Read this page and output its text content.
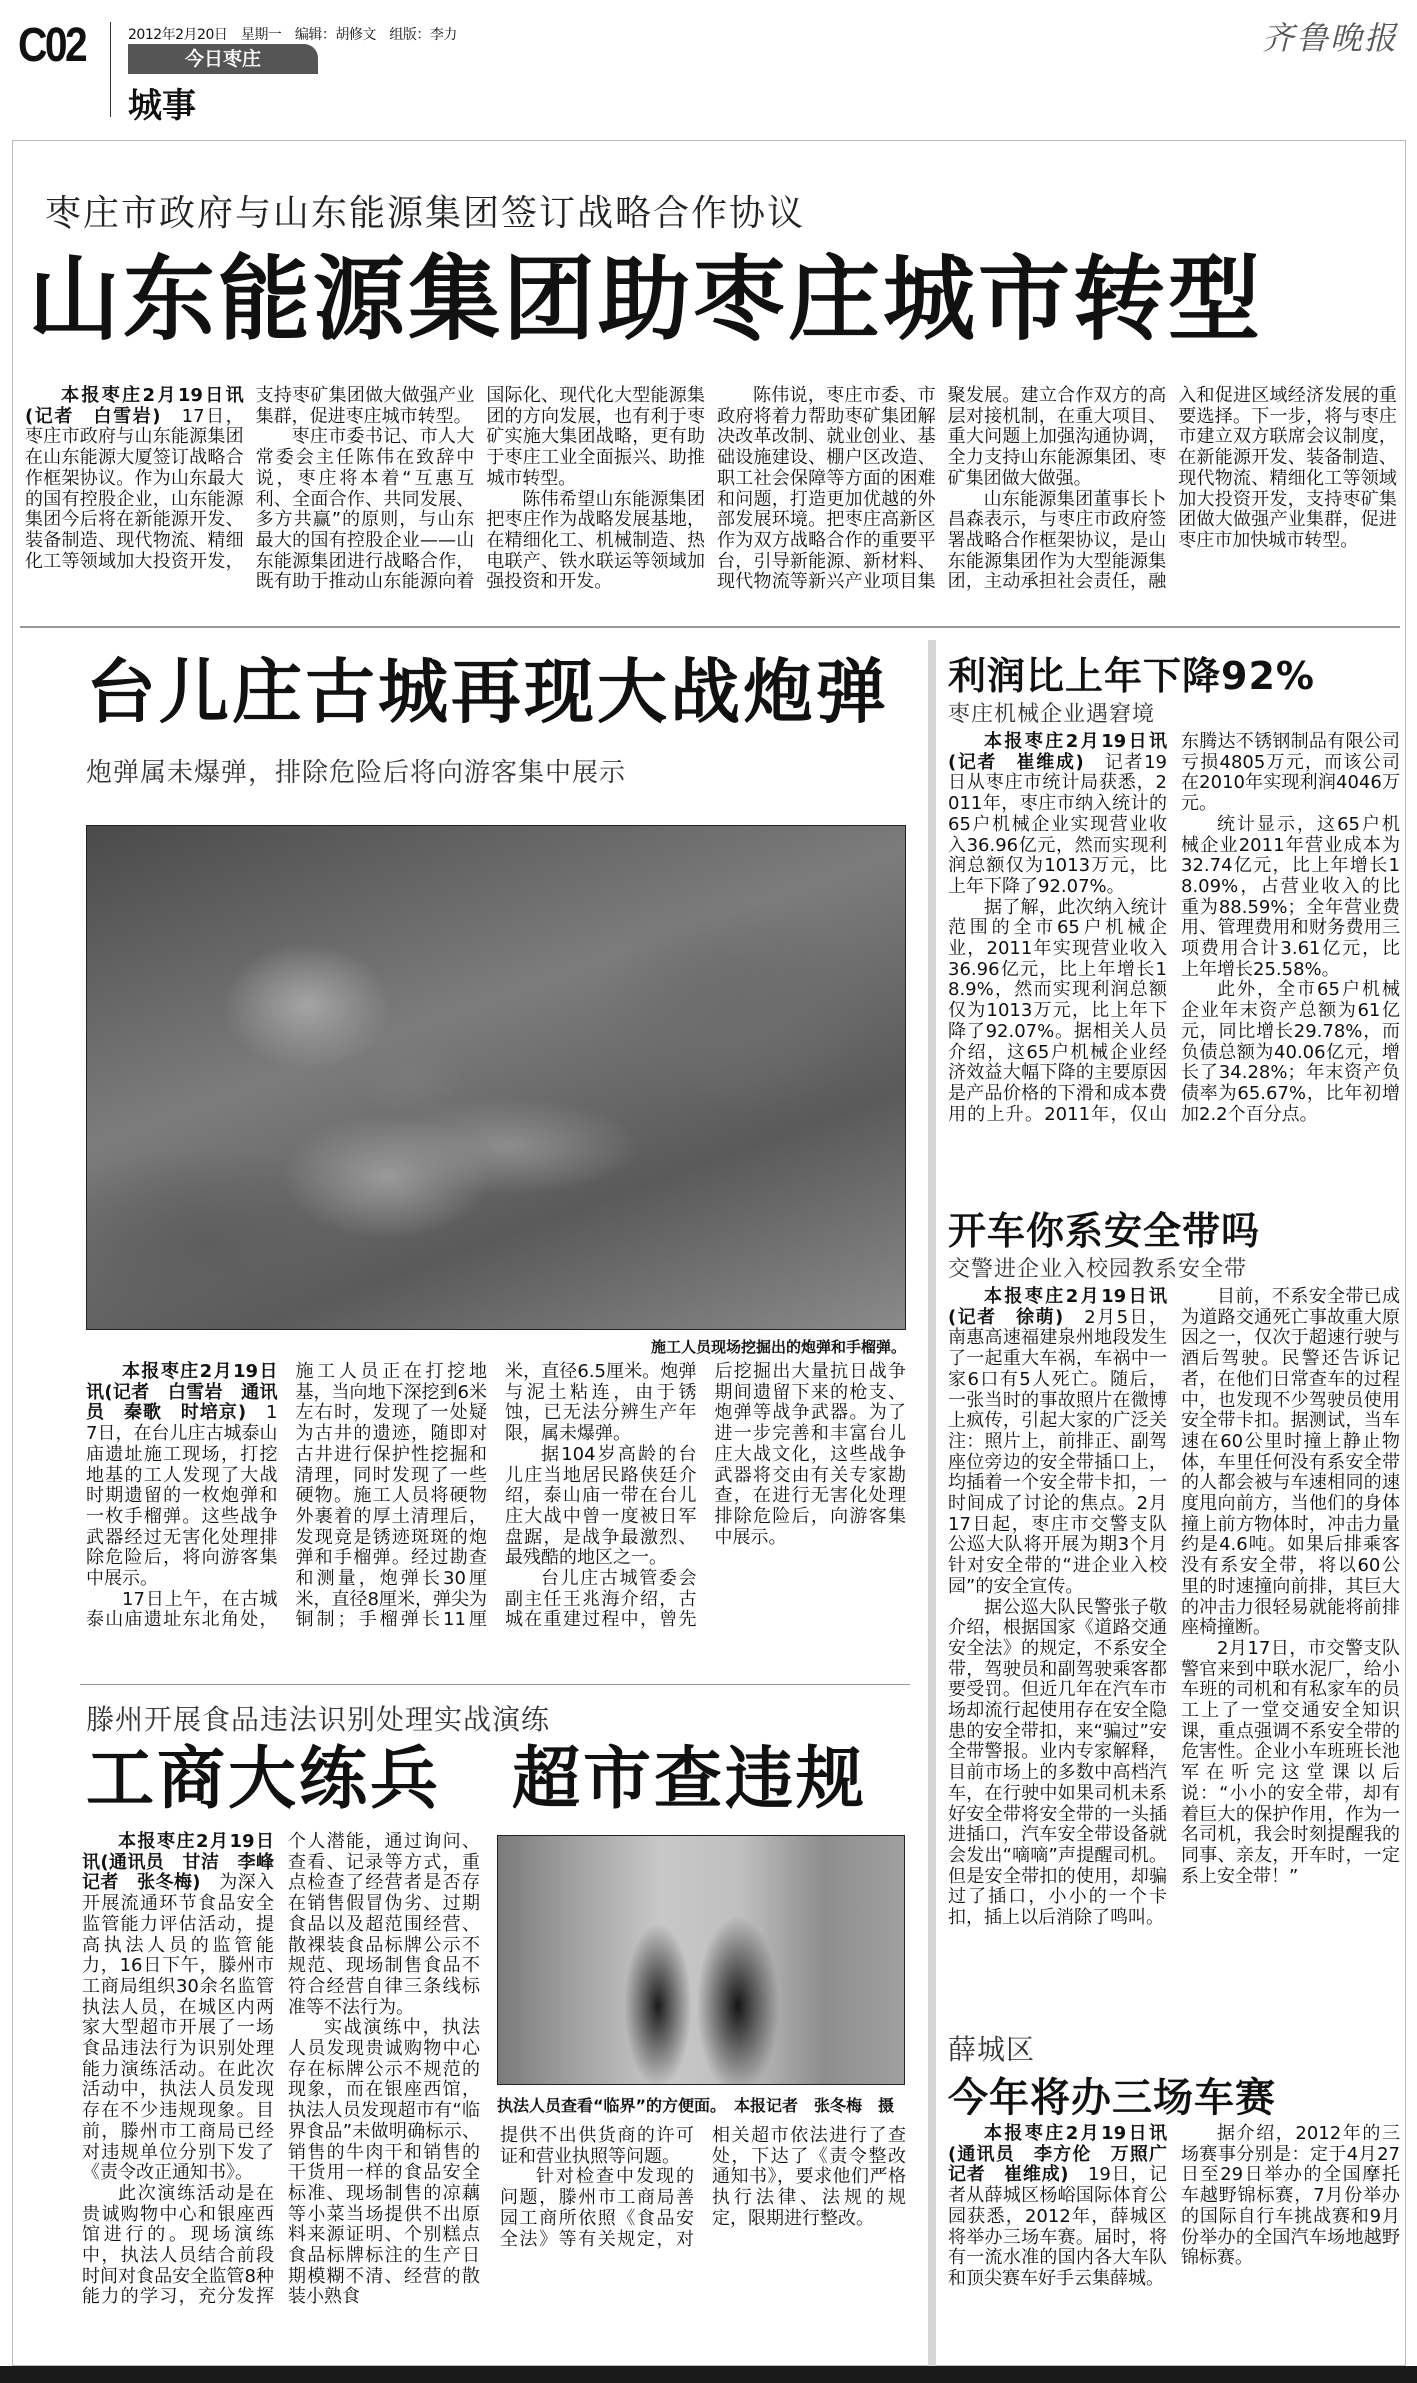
C02	2012年2月20日　星期一　编辑：胡修文　组版：李力
今日枣庄
城事
齐鲁晚报
枣庄市政府与山东能源集团签订战略合作协议
山东能源集团助枣庄城市转型

本报枣庄2月19日讯(记者　白雪岩)　17日，枣庄市政府与山东能源集团在山东能源大厦签订战略合作框架协议。作为山东最大的国有控股企业，山东能源集团今后将在新能源开发、装备制造、现代物流、精细化工等领域加大投资开发，支持枣矿集团做大做强产业集群，促进枣庄城市转型。

枣庄市委书记、市人大常委会主任陈伟在致辞中说，枣庄将本着“互惠互利、全面合作、共同发展、多方共赢”的原则，与山东最大的国有控股企业——山东能源集团进行战略合作，既有助于推动山东能源向着国际化、现代化大型能源集团的方向发展，也有利于枣矿实施大集团战略，更有助于枣庄工业全面振兴、助推城市转型。

陈伟希望山东能源集团把枣庄作为战略发展基地，在精细化工、机械制造、热电联产、铁水联运等领域加强投资和开发。

陈伟说，枣庄市委、市政府将着力帮助枣矿集团解决改革改制、就业创业、基础设施建设、棚户区改造、职工社会保障等方面的困难和问题，打造更加优越的外部发展环境。把枣庄高新区作为双方战略合作的重要平台，引导新能源、新材料、现代物流等新兴产业项目集聚发展。建立合作双方的高层对接机制，在重大项目、重大问题上加强沟通协调，全力支持山东能源集团、枣矿集团做大做强。

山东能源集团董事长卜昌森表示，与枣庄市政府签署战略合作框架协议，是山东能源集团作为大型能源集团，主动承担社会责任，融入和促进区域经济发展的重要选择。下一步，将与枣庄市建立双方联席会议制度，在新能源开发、装备制造、现代物流、精细化工等领域加大投资开发，支持枣矿集团做大做强产业集群，促进枣庄市加快城市转型。

台儿庄古城再现大战炮弹
炮弹属未爆弹，排除危险后将向游客集中展示
施工人员现场挖掘出的炮弹和手榴弹。

本报枣庄2月19日讯(记者　白雪岩　通讯员　秦歌　时培京)　17日，在台儿庄古城泰山庙遗址施工现场，打挖地基的工人发现了大战时期遗留的一枚炮弹和一枚手榴弹。这些战争武器经过无害化处理排除危险后，将向游客集中展示。

17日上午，在古城泰山庙遗址东北角处，施工人员正在打挖地基，当向地下深挖到6米左右时，发现了一处疑为古井的遗迹，随即对古井进行保护性挖掘和清理，同时发现了一些硬物。施工人员将硬物外裹着的厚土清理后，发现竟是锈迹斑斑的炮弹和手榴弹。经过勘查和测量，炮弹长30厘米，直径8厘米，弹尖为铜制；手榴弹长11厘米，直径6.5厘米。炮弹与泥土粘连，由于锈蚀，已无法分辨生产年限，属未爆弹。

据104岁高龄的台儿庄当地居民路侠廷介绍，泰山庙一带在台儿庄大战中曾一度被日军盘踞，是战争最激烈、最残酷的地区之一。

台儿庄古城管委会副主任王兆海介绍，古城在重建过程中，曾先后挖掘出大量抗日战争期间遗留下来的枪支、炮弹等战争武器。为了进一步完善和丰富台儿庄大战文化，这些战争武器将交由有关专家勘查，在进行无害化处理排除危险后，向游客集中展示。

滕州开展食品违法识别处理实战演练
工商大练兵　超市查违规

本报枣庄2月19日讯(通讯员　甘洁　李峰　记者　张冬梅)　为深入开展流通环节食品安全监管能力评估活动，提高执法人员的监管能力，16日下午，滕州市工商局组织30余名监管执法人员，在城区内两家大型超市开展了一场食品违法行为识别处理能力演练活动。在此次活动中，执法人员发现存在不少违规现象。目前，滕州市工商局已经对违规单位分别下发了《责令改正通知书》。

此次演练活动是在贵诚购物中心和银座西馆进行的。现场演练中，执法人员结合前段时间对食品安全监管8种能力的学习，充分发挥个人潜能，通过询问、查看、记录等方式，重点检查了经营者是否存在销售假冒伪劣、过期食品以及超范围经营、散裸装食品标牌公示不规范、现场制售食品不符合经营自律三条线标准等不法行为。

实战演练中，执法人员发现贵诚购物中心存在标牌公示不规范的现象，而在银座西馆，执法人员发现超市有“临界食品”未做明确标示、销售的牛肉干和销售的干货用一样的食品安全标准、现场制售的凉藕等小菜当场提供不出原料来源证明、个别糕点食品标牌标注的生产日期模糊不清、经营的散装小熟食

执法人员查看“临界”的方便面。　本报记者　张冬梅　摄

提供不出供货商的许可证和营业执照等问题。

针对检查中发现的问题，滕州市工商局善园工商所依照《食品安全法》等有关规定，对相关超市依法进行了查处，下达了《责令整改通知书》，要求他们严格执行法律、法规的规定，限期进行整改。

利润比上年下降92%
枣庄机械企业遇窘境

本报枣庄2月19日讯(记者　崔维成)　记者19日从枣庄市统计局获悉，2011年，枣庄市纳入统计的65户机械企业实现营业收入36.96亿元，然而实现利润总额仅为1013万元，比上年下降了92.07%。

据了解，此次纳入统计范围的全市65户机械企业，2011年实现营业收入36.96亿元，比上年增长18.9%，然而实现利润总额仅为1013万元，比上年下降了92.07%。据相关人员介绍，这65户机械企业经济效益大幅下降的主要原因是产品价格的下滑和成本费用的上升。2011年，仅山东腾达不锈钢制品有限公司亏损4805万元，而该公司在2010年实现利润4046万元。

统计显示，这65户机械企业2011年营业成本为32.74亿元，比上年增长18.09%，占营业收入的比重为88.59%；全年营业费用、管理费用和财务费用三项费用合计3.61亿元，比上年增长25.58%。

此外，全市65户机械企业年末资产总额为61亿元，同比增长29.78%，而负债总额为40.06亿元，增长了34.28%；年末资产负债率为65.67%，比年初增加2.2个百分点。

开车你系安全带吗
交警进企业入校园教系安全带

本报枣庄2月19日讯(记者　徐萌)　2月5日，南惠高速福建泉州地段发生了一起重大车祸，车祸中一家6口有5人死亡。随后，一张当时的事故照片在微博上疯传，引起大家的广泛关注：照片上，前排正、副驾座位旁边的安全带插口上，均插着一个安全带卡扣，一时间成了讨论的焦点。2月17日起，枣庄市交警支队公巡大队将开展为期3个月针对安全带的“进企业入校园”的安全宣传。

据公巡大队民警张子敬介绍，根据国家《道路交通安全法》的规定，不系安全带，驾驶员和副驾驶乘客都要受罚。但近几年在汽车市场却流行起使用存在安全隐患的安全带扣，来“骗过”安全带警报。业内专家解释，目前市场上的多数中高档汽车，在行驶中如果司机未系好安全带将安全带的一头插进插口，汽车安全带设备就会发出“嘀嘀”声提醒司机。但是安全带扣的使用，却骗过了插口，小小的一个卡扣，插上以后消除了鸣叫。

目前，不系安全带已成为道路交通死亡事故重大原因之一，仅次于超速行驶与酒后驾驶。民警还告诉记者，在他们日常查车的过程中，也发现不少驾驶员使用安全带卡扣。据测试，当车速在60公里时撞上静止物体，车里任何没有系安全带的人都会被与车速相同的速度甩向前方，当他们的身体撞上前方物体时，冲击力量约是4.6吨。如果后排乘客没有系安全带，将以60公里的时速撞向前排，其巨大的冲击力很轻易就能将前排座椅撞断。

2月17日，市交警支队警官来到中联水泥厂，给小车班的司机和有私家车的员工上了一堂交通安全知识课，重点强调不系安全带的危害性。企业小车班班长池军在听完这堂课以后说：“小小的安全带，却有着巨大的保护作用，作为一名司机，我会时刻提醒我的同事、亲友，开车时，一定系上安全带！”

薛城区
今年将办三场车赛

本报枣庄2月19日讯(通讯员　李方伦　万照广　记者　崔维成)　19日，记者从薛城区杨峪国际体育公园获悉，2012年，薛城区将举办三场车赛。届时，将有一流水准的国内各大车队和顶尖赛车好手云集薛城。

据介绍，2012年的三场赛事分别是：定于4月27日至29日举办的全国摩托车越野锦标赛，7月份举办的国际自行车挑战赛和9月份举办的全国汽车场地越野锦标赛。
